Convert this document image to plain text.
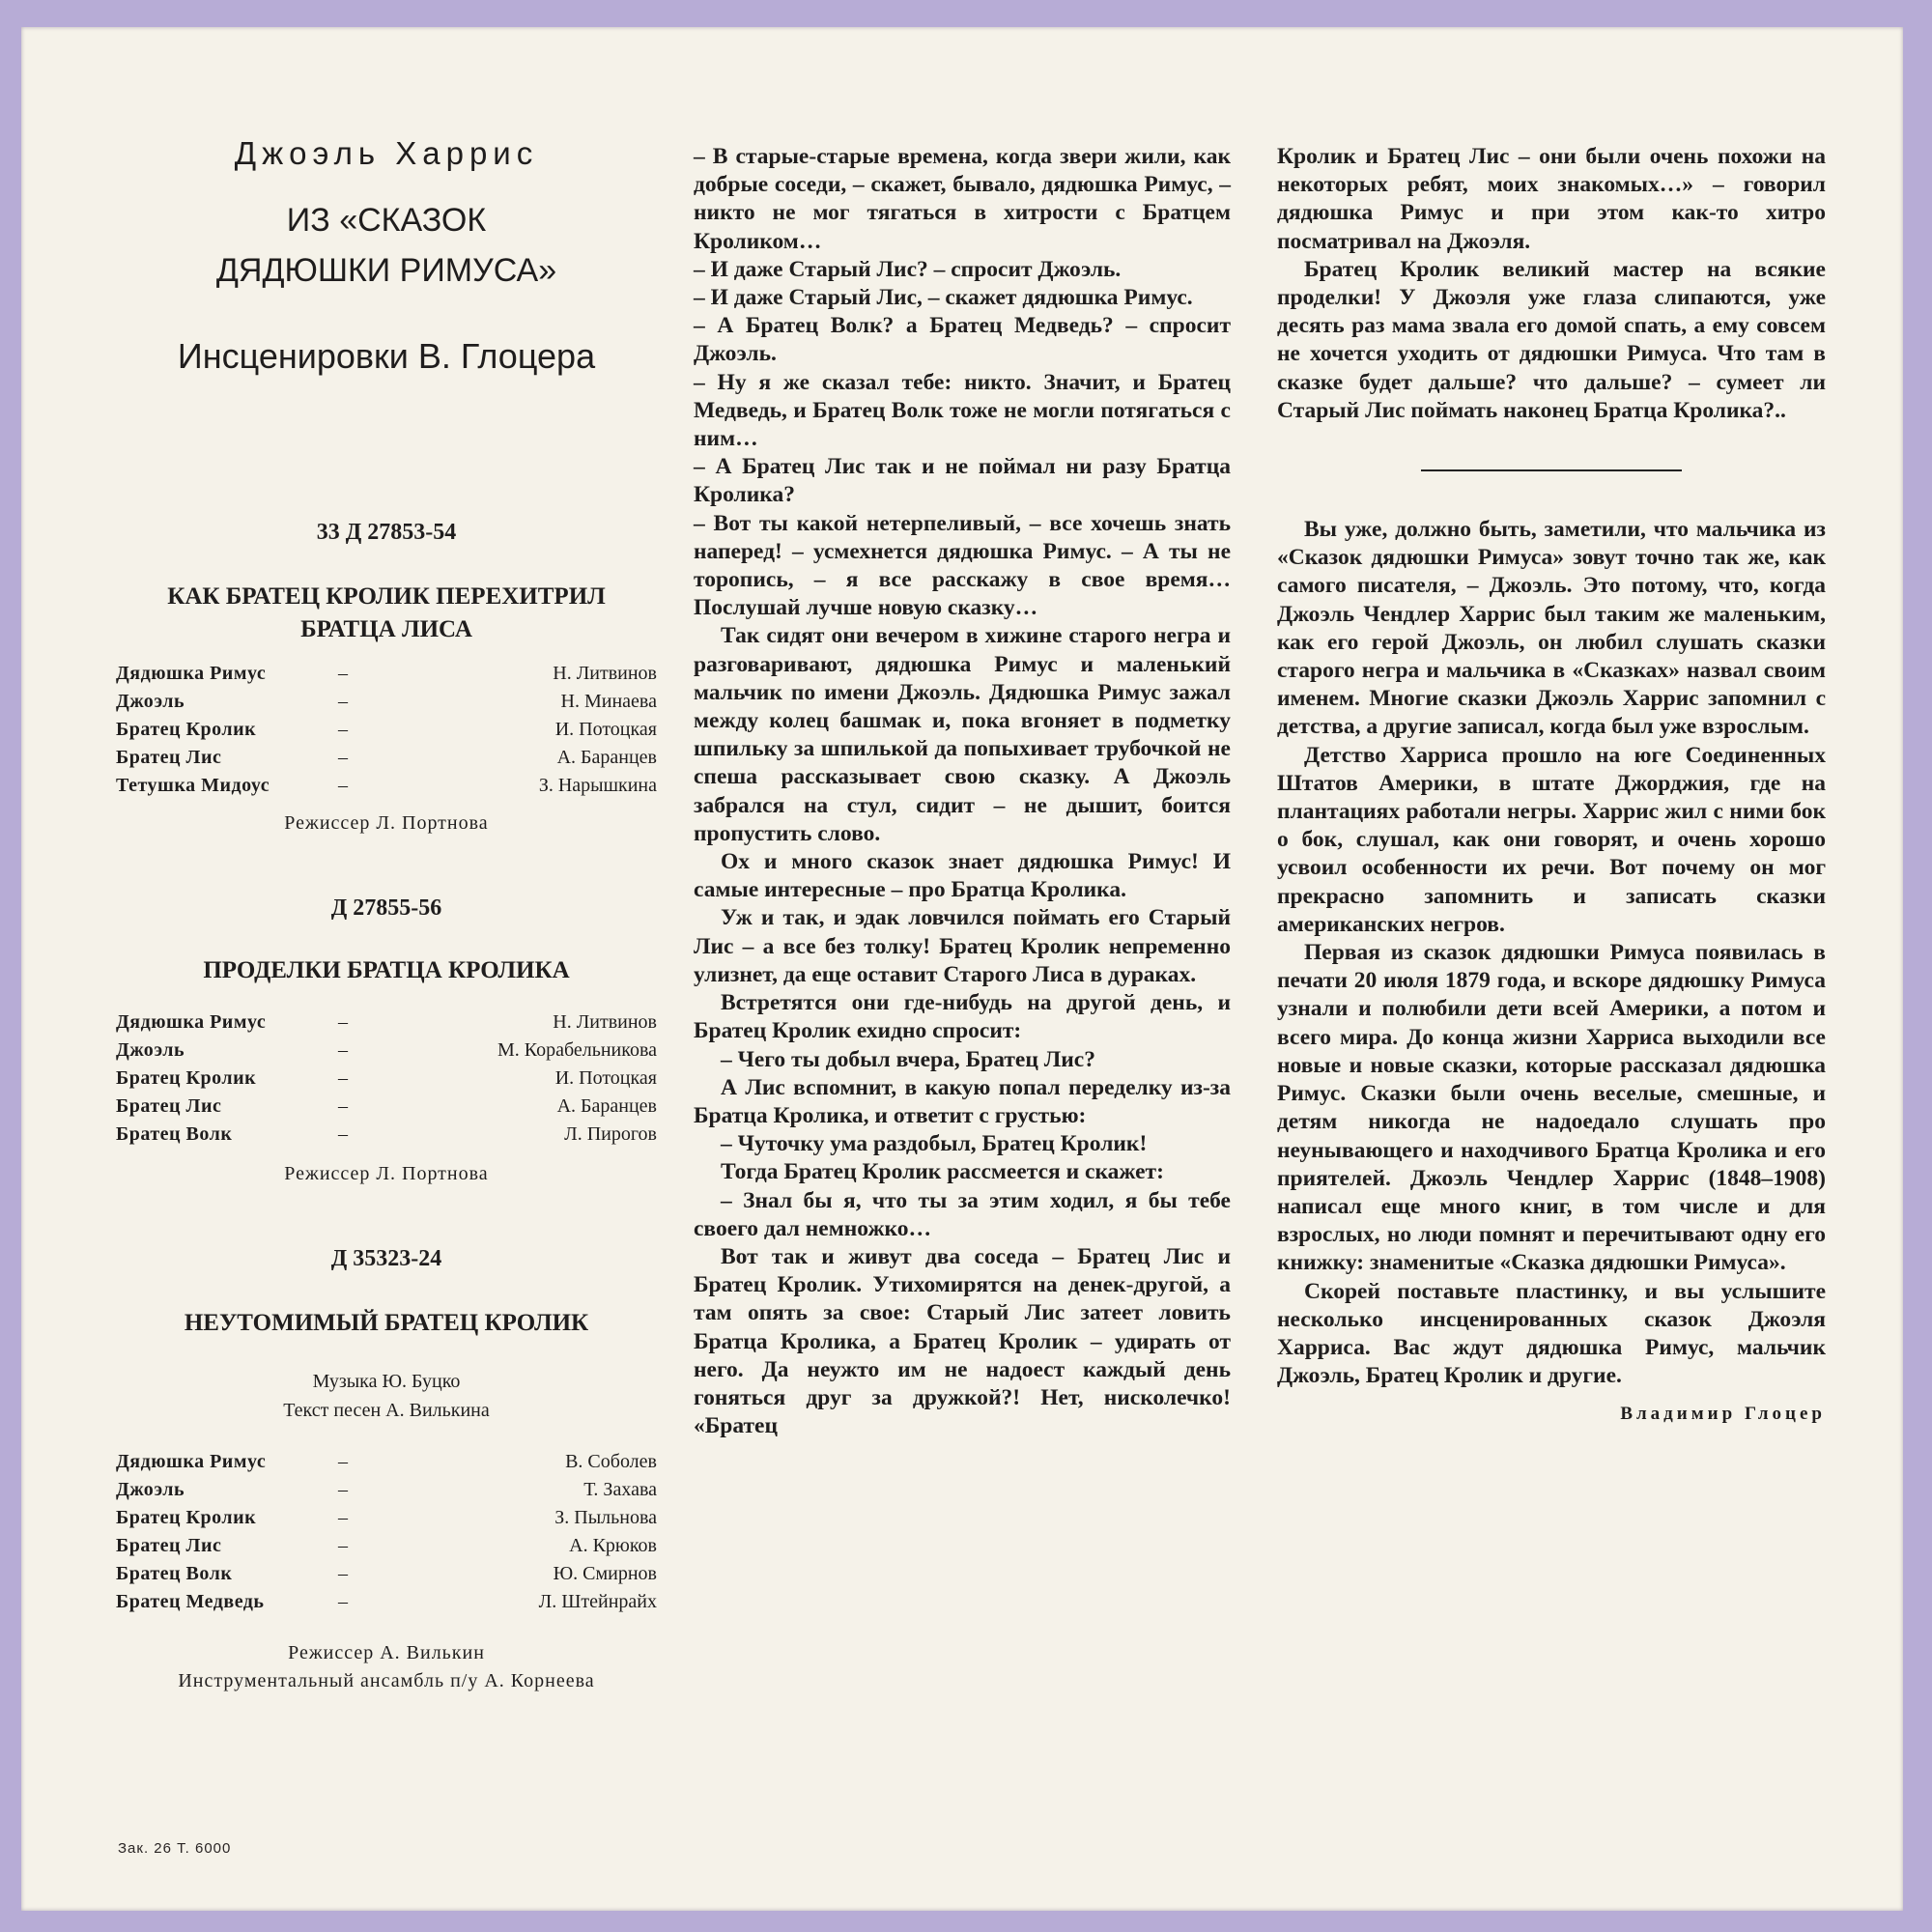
Джоэль Харрис

ИЗ «СКАЗОК

ДЯДЮШКИ РИМУСА»

Инсценировки В. Глоцера

33 Д 27853-54

КАК БРАТЕЦ КРОЛИК ПЕРЕХИТРИЛ БРАТЦА ЛИСА

Дядюшка Римус	–	Н. Литвинов
Джоэль	–	Н. Минаева
Братец Кролик	–	И. Потоцкая
Братец Лис	–	А. Баранцев
Тетушка Мидоус	–	З. Нарышкина

Режиссер Л. Портнова

Д 27855-56

ПРОДЕЛКИ БРАТЦА КРОЛИКА

Дядюшка Римус	–	Н. Литвинов
Джоэль	–	М. Корабельникова
Братец Кролик	–	И. Потоцкая
Братец Лис	–	А. Баранцев
Братец Волк	–	Л. Пирогов

Режиссер Л. Портнова

Д 35323-24

НЕУТОМИМЫЙ БРАТЕЦ КРОЛИК

Музыка Ю. Буцко

Текст песен А. Вилькина

Дядюшка Римус	–	В. Соболев
Джоэль	–	Т. Захава
Братец Кролик	–	З. Пыльнова
Братец Лис	–	А. Крюков
Братец Волк	–	Ю. Смирнов
Братец Медведь	–	Л. Штейнрайх

Режиссер А. Вилькин

Инструментальный ансамбль п/у А. Корнеева

Зак. 26 Т. 6000

– В старые-старые времена, когда звери жили, как добрые соседи, – скажет, бывало, дядюшка Римус, – никто не мог тягаться в хитрости с Братцем Кроликом…

– И даже Старый Лис? – спросит Джоэль.

– И даже Старый Лис, – скажет дядюшка Римус.

– А Братец Волк? а Братец Медведь? – спросит Джоэль.

– Ну я же сказал тебе: никто. Значит, и Братец Медведь, и Братец Волк тоже не могли потягаться с ним…

– А Братец Лис так и не поймал ни разу Братца Кролика?

– Вот ты какой нетерпеливый, – все хочешь знать наперед! – усмехнется дядюшка Римус. – А ты не торопись, – я все расскажу в свое время… Послушай лучше новую сказку…

Так сидят они вечером в хижине старого негра и разговаривают, дядюшка Римус и маленький мальчик по имени Джоэль. Дядюшка Римус зажал между колец башмак и, пока вгоняет в подметку шпильку за шпилькой да попыхивает трубочкой не спеша рассказывает свою сказку. А Джоэль забрался на стул, сидит – не дышит, боится пропустить слово.

Ох и много сказок знает дядюшка Римус! И самые интересные – про Братца Кролика.

Уж и так, и эдак ловчился поймать его Старый Лис – а все без толку! Братец Кролик непременно улизнет, да еще оставит Старого Лиса в дураках.

Встретятся они где-нибудь на другой день, и Братец Кролик ехидно спросит:

– Чего ты добыл вчера, Братец Лис?

А Лис вспомнит, в какую попал переделку из-за Братца Кролика, и ответит с грустью:

– Чуточку ума раздобыл, Братец Кролик!

Тогда Братец Кролик рассмеется и скажет:

– Знал бы я, что ты за этим ходил, я бы тебе своего дал немножко…

Вот так и живут два соседа – Братец Лис и Братец Кролик. Утихомирятся на денек-другой, а там опять за свое: Старый Лис затеет ловить Братца Кролика, а Братец Кролик – удирать от него. Да неужто им не надоест каждый день гоняться друг за дружкой?! Нет, нисколечко! «Братец

Кролик и Братец Лис – они были очень похожи на некоторых ребят, моих знакомых…» – говорил дядюшка Римус и при этом как-то хитро посматривал на Джоэля.

Братец Кролик великий мастер на всякие проделки! У Джоэля уже глаза слипаются, уже десять раз мама звала его домой спать, а ему совсем не хочется уходить от дядюшки Римуса. Что там в сказке будет дальше? что дальше? – сумеет ли Старый Лис поймать наконец Братца Кролика?..

Вы уже, должно быть, заметили, что мальчика из «Сказок дядюшки Римуса» зовут точно так же, как самого писателя, – Джоэль. Это потому, что, когда Джоэль Чендлер Харрис был таким же маленьким, как его герой Джоэль, он любил слушать сказки старого негра и мальчика в «Сказках» назвал своим именем. Многие сказки Джоэль Харрис запомнил с детства, а другие записал, когда был уже взрослым.

Детство Харриса прошло на юге Соединенных Штатов Америки, в штате Джорджия, где на плантациях работали негры. Харрис жил с ними бок о бок, слушал, как они говорят, и очень хорошо усвоил особенности их речи. Вот почему он мог прекрасно запомнить и записать сказки американских негров.

Первая из сказок дядюшки Римуса появилась в печати 20 июля 1879 года, и вскоре дядюшку Римуса узнали и полюбили дети всей Америки, а потом и всего мира. До конца жизни Харриса выходили все новые и новые сказки, которые рассказал дядюшка Римус. Сказки были очень веселые, смешные, и детям никогда не надоедало слушать про неунывающего и находчивого Братца Кролика и его приятелей. Джоэль Чендлер Харрис (1848–1908) написал еще много книг, в том числе и для взрослых, но люди помнят и перечитывают одну его книжку: знаменитые «Сказка дядюшки Римуса».

Скорей поставьте пластинку, и вы услышите несколько инсценированных сказок Джоэля Харриса. Вас ждут дядюшка Римус, мальчик Джоэль, Братец Кролик и другие.

Владимир Глоцер
